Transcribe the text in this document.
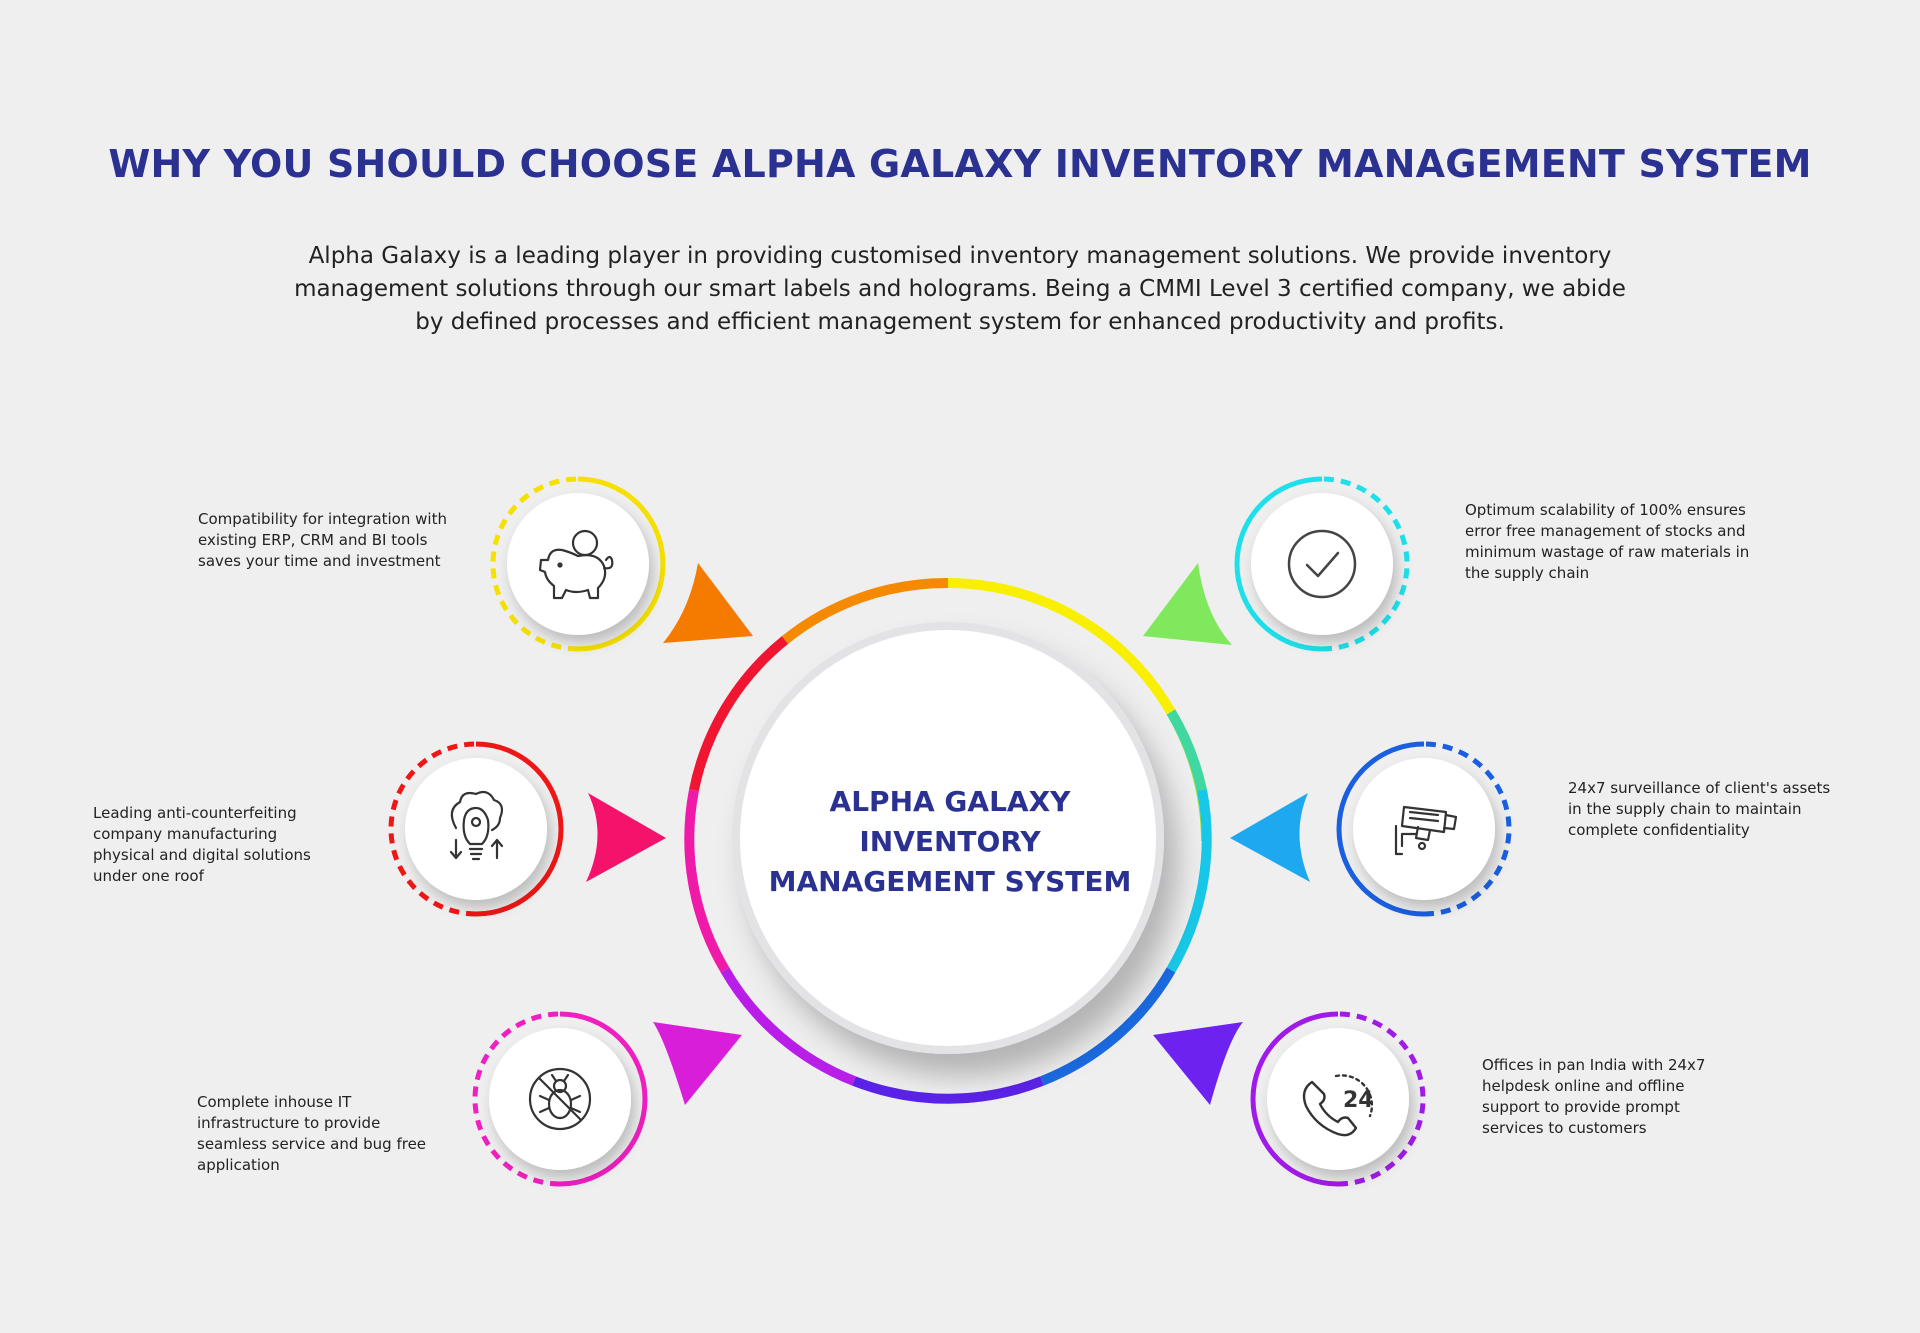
WHY YOU SHOULD CHOOSE ALPHA GALAXY INVENTORY MANAGEMENT SYSTEM

Alpha Galaxy is a leading player in providing customised inventory management solutions. We provide inventory management solutions through our smart labels and holograms. Being a CMMI Level 3 certified company, we abide by defined processes and efficient management system for enhanced productivity and profits.

24

Compatibility for integration with existing ERP, CRM and BI tools saves your time and investment

Leading anti-counterfeiting company manufacturing physical and digital solutions under one roof

Complete inhouse IT infrastructure to provide seamless service and bug free application

Optimum scalability of 100% ensures error free management of stocks and minimum wastage of raw materials in the supply chain

24x7 surveillance of client's assets in the supply chain to maintain complete confidentiality

Offices in pan India with 24x7 helpdesk online and offline support to provide prompt services to customers

ALPHA GALAXY INVENTORY MANAGEMENT SYSTEM
